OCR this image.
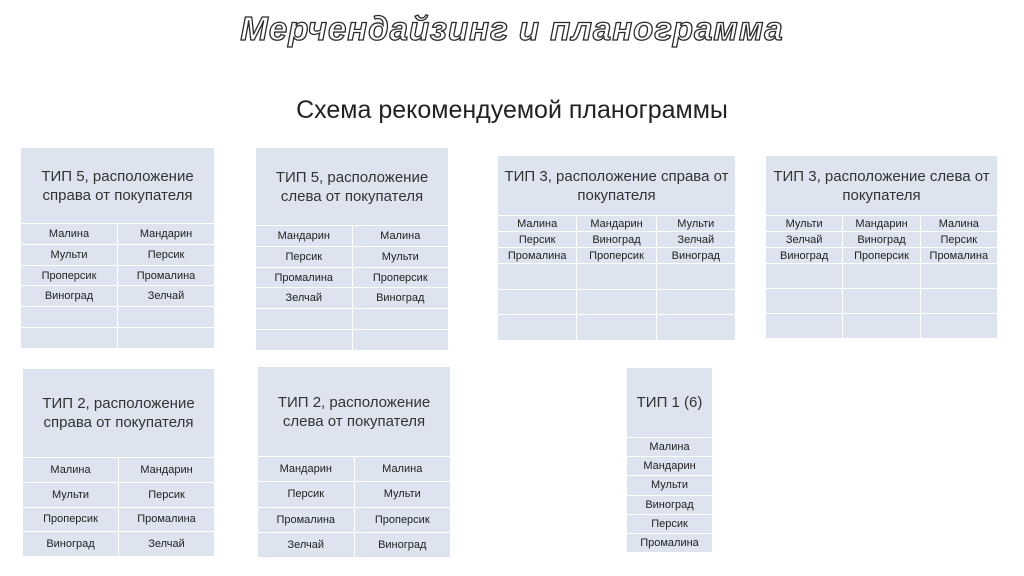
Мерчендайзинг и планограмма
Схема рекомендуемой планограммы
ТИП 5, расположение справа от покупателя
Малина	Мандарин
Мульти	Персик
Проперсик	Промалина
Виноград	Зелчай
ТИП 5, расположение слева от покупателя
Мандарин	Малина
Персик	Мульти
Промалина	Проперсик
Зелчай	Виноград
ТИП 3, расположение справа от покупателя
Малина	Мандарин	Мульти
Персик	Виноград	Зелчай
Промалина	Проперсик	Виноград
ТИП 3, расположение слева от покупателя
Мульти	Мандарин	Малина
Зелчай	Виноград	Персик
Виноград	Проперсик	Промалина
ТИП 2, расположение справа от покупателя
Малина	Мандарин
Мульти	Персик
Проперсик	Промалина
Виноград	Зелчай
ТИП 2, расположение слева от покупателя
Мандарин	Малина
Персик	Мульти
Промалина	Проперсик
Зелчай	Виноград
ТИП 1 (6)
Малина
Мандарин
Мульти
Виноград
Персик
Промалина
